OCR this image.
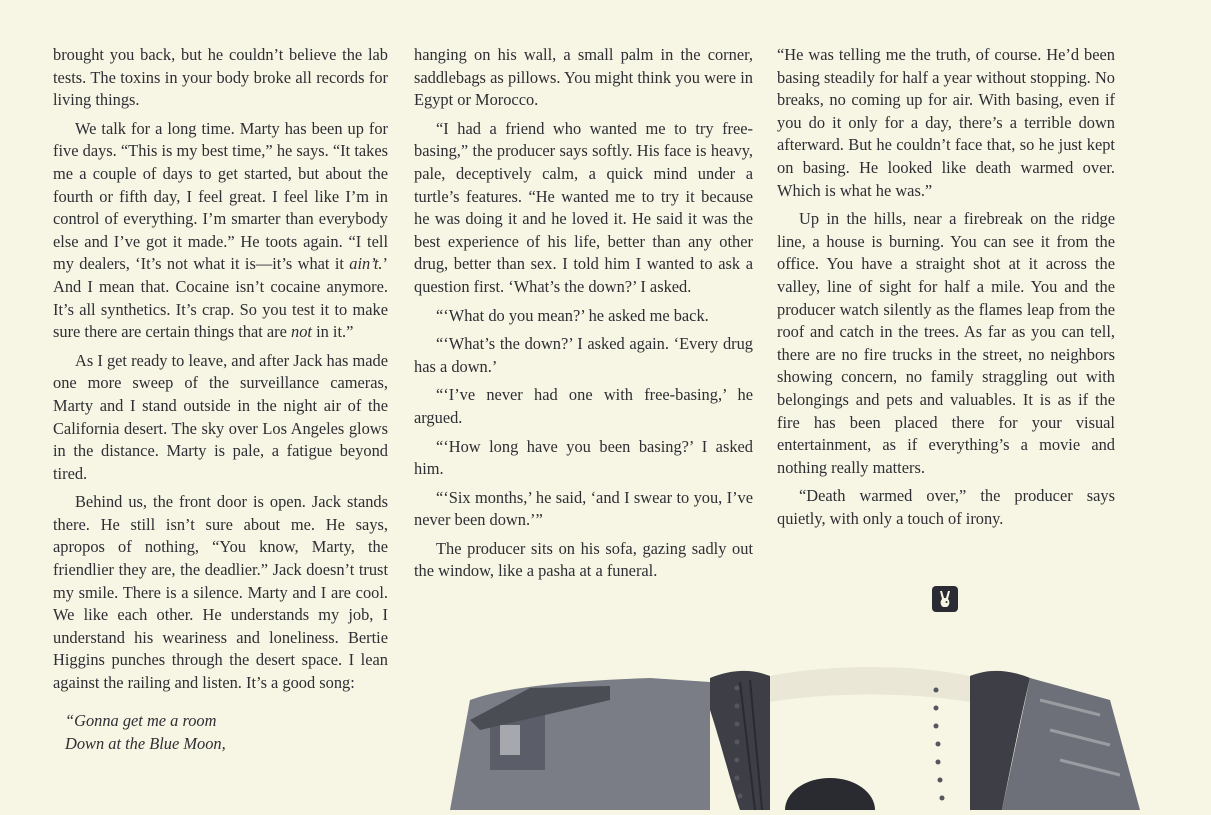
brought you back, but he couldn’t believe the lab tests. The toxins in your body broke all records for living things.

We talk for a long time. Marty has been up for five days. “This is my best time,” he says. “It takes me a couple of days to get started, but about the fourth or fifth day, I feel great. I feel like I’m in control of everything. I’m smarter than everybody else and I’ve got it made.” He toots again. “I tell my dealers, ‘It’s not what it is—it’s what it ain’t.’ And I mean that. Cocaine isn’t cocaine anymore. It’s all synthetics. It’s crap. So you test it to make sure there are certain things that are not in it.”

As I get ready to leave, and after Jack has made one more sweep of the surveillance cameras, Marty and I stand outside in the night air of the California desert. The sky over Los Angeles glows in the distance. Marty is pale, a fatigue beyond tired.

Behind us, the front door is open. Jack stands there. He still isn’t sure about me. He says, apropos of nothing, “You know, Marty, the friendlier they are, the deadlier.” Jack doesn’t trust my smile. There is a silence. Marty and I are cool. We like each other. He understands my job, I understand his weariness and loneliness. Bertie Higgins punches through the desert space. I lean against the railing and listen. It’s a good song:

“Gonna get me a room
Down at the Blue Moon,

hanging on his wall, a small palm in the corner, saddlebags as pillows. You might think you were in Egypt or Morocco.

“I had a friend who wanted me to try free-basing,” the producer says softly. His face is heavy, pale, deceptively calm, a quick mind under a turtle’s features. “He wanted me to try it because he was doing it and he loved it. He said it was the best experience of his life, better than any other drug, better than sex. I told him I wanted to ask a question first. ‘What’s the down?’ I asked.

“‘What do you mean?’ he asked me back.

“‘What’s the down?’ I asked again. ‘Every drug has a down.’

“‘I’ve never had one with free-basing,’ he argued.

“‘How long have you been basing?’ I asked him.

“‘Six months,’ he said, ‘and I swear to you, I’ve never been down.’”

The producer sits on his sofa, gazing sadly out the window, like a pasha at a funeral.

“He was telling me the truth, of course. He’d been basing steadily for half a year without stopping. No breaks, no coming up for air. With basing, even if you do it only for a day, there’s a terrible down afterward. But he couldn’t face that, so he just kept on basing. He looked like death warmed over. Which is what he was.”

Up in the hills, near a firebreak on the ridge line, a house is burning. You can see it from the office. You have a straight shot at it across the valley, line of sight for half a mile. You and the producer watch silently as the flames leap from the roof and catch in the trees. As far as you can tell, there are no fire trucks in the street, no neighbors showing concern, no family straggling out with belongings and pets and valuables. It is as if the fire has been placed there for your visual entertainment, as if everything’s a movie and nothing really matters.

“Death warmed over,” the producer says quietly, with only a touch of irony.
